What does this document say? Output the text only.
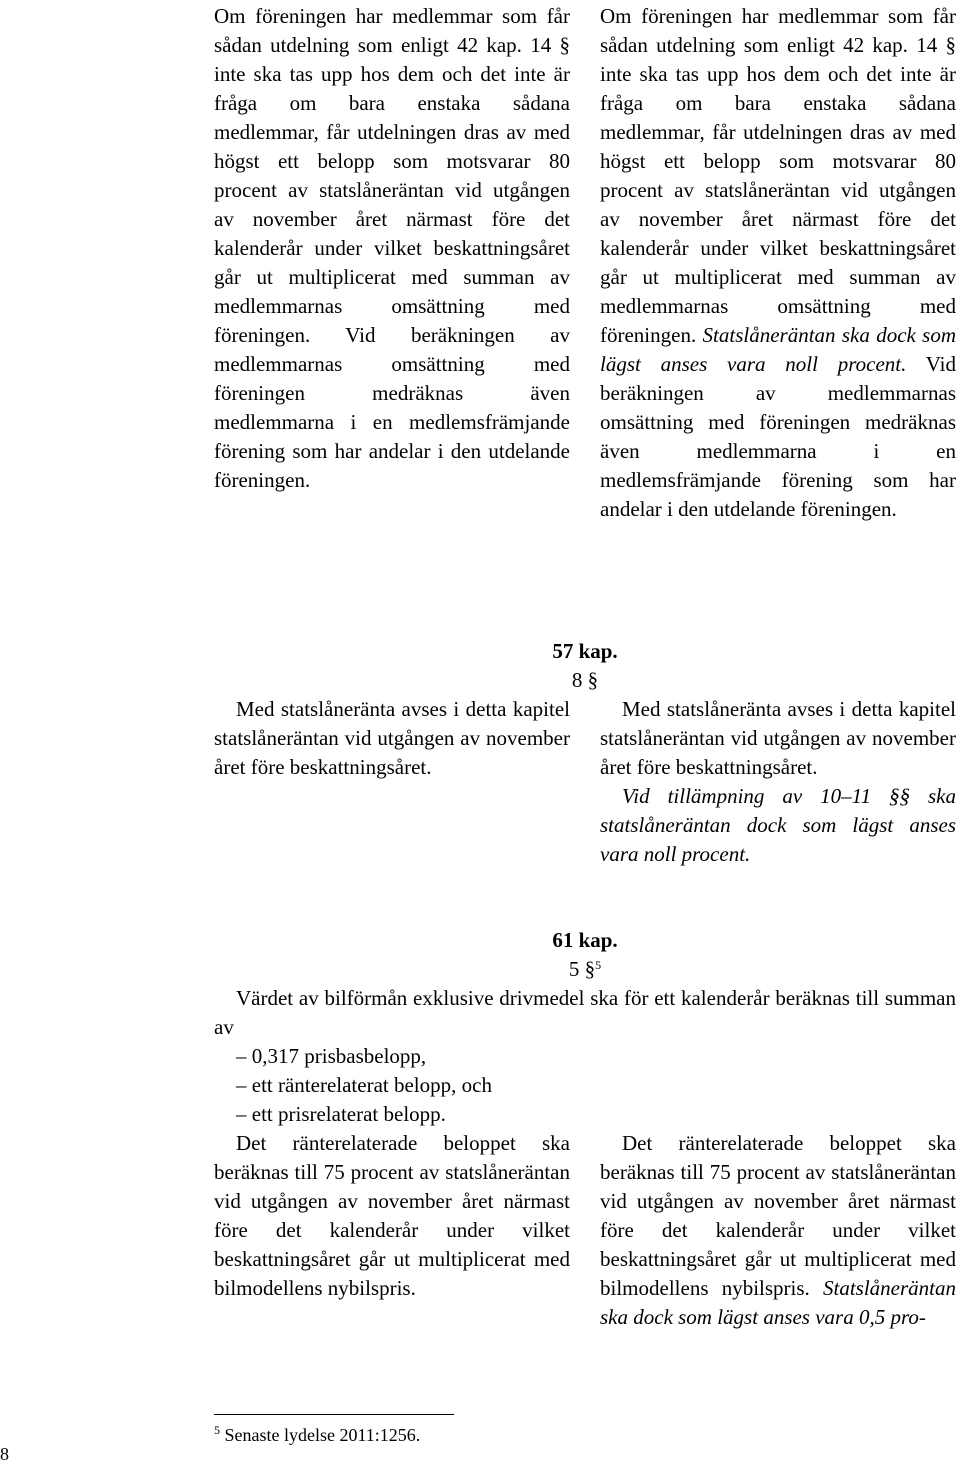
Om föreningen har medlemmar som får sådan utdelning som enligt 42 kap. 14 § inte ska tas upp hos dem och det inte är fråga om bara enstaka sådana medlemmar, får utdelningen dras av med högst ett belopp som motsvarar 80 procent av statslåneräntan vid utgången av november året närmast före det kalenderår under vilket beskattningsåret går ut multiplicerat med summan av medlemmarnas omsättning med föreningen. Vid beräkningen av medlemmarnas omsättning med föreningen medräknas även medlemmarna i en medlemsfrämjande förening som har andelar i den utdelande föreningen.

Om föreningen har medlemmar som får sådan utdelning som enligt 42 kap. 14 § inte ska tas upp hos dem och det inte är fråga om bara enstaka sådana medlemmar, får utdelningen dras av med högst ett belopp som motsvarar 80 procent av statslåneräntan vid utgången av november året närmast före det kalenderår under vilket beskattningsåret går ut multiplicerat med summan av medlemmarnas omsättning med föreningen. Statslåneräntan ska dock som lägst anses vara noll procent. Vid beräkningen av medlemmarnas omsättning med föreningen medräknas även medlemmarna i en medlemsfrämjande förening som har andelar i den utdelande föreningen.

57 kap.
8 §

Med statslåneränta avses i detta kapitel statslåneräntan vid utgången av november året före beskattningsåret.

Med statslåneränta avses i detta kapitel statslåneräntan vid utgången av november året före beskattningsåret.

Vid tillämpning av 10–11 §§ ska statslåneräntan dock som lägst anses vara noll procent.

61 kap.
5 §$^5$

Värdet av bilförmån exklusive drivmedel ska för ett kalenderår beräknas till summan av

– 0,317 prisbasbelopp,

– ett ränterelaterat belopp, och

– ett prisrelaterat belopp.

Det ränterelaterade beloppet ska beräknas till 75 procent av statslåneräntan vid utgången av november året närmast före det kalenderår under vilket beskattningsåret går ut multiplicerat med bilmodellens nybilspris.

Det ränterelaterade beloppet ska beräknas till 75 procent av statslåneräntan vid utgången av november året närmast före det kalenderår under vilket beskattningsåret går ut multiplicerat med bilmodellens nybilspris. Statslåneräntan ska dock som lägst anses vara 0,5 pro-

$^5$ Senaste lydelse 2011:1256.
8
